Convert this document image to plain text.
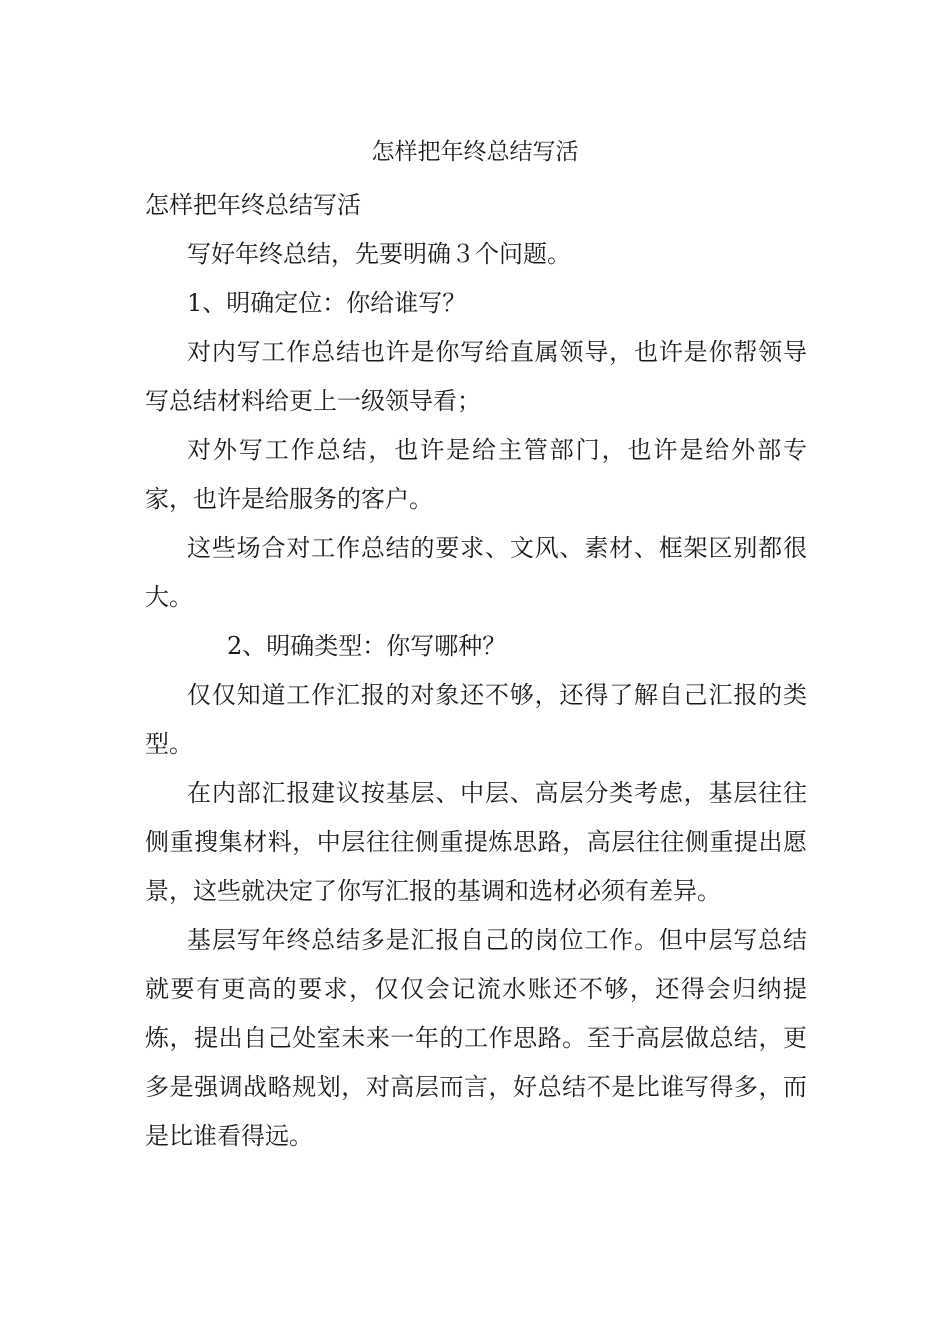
怎样把年终总结写活

怎样把年终总结写活

写好年终总结，先要明确３个问题。

1、明确定位：你给谁写？

对内写工作总结也许是你写给直属领导，也许是你帮领导写总结材料给更上一级领导看；

对外写工作总结，也许是给主管部门，也许是给外部专家，也许是给服务的客户。

这些场合对工作总结的要求、文风、素材、框架区别都很大。

2、明确类型：你写哪种？

仅仅知道工作汇报的对象还不够，还得了解自己汇报的类型。

在内部汇报建议按基层、中层、高层分类考虑，基层往往侧重搜集材料，中层往往侧重提炼思路，高层往往侧重提出愿景，这些就决定了你写汇报的基调和选材必须有差异。

基层写年终总结多是汇报自己的岗位工作。但中层写总结就要有更高的要求，仅仅会记流水账还不够，还得会归纳提炼，提出自己处室未来一年的工作思路。至于高层做总结，更多是强调战略规划，对高层而言，好总结不是比谁写得多，而是比谁看得远。
